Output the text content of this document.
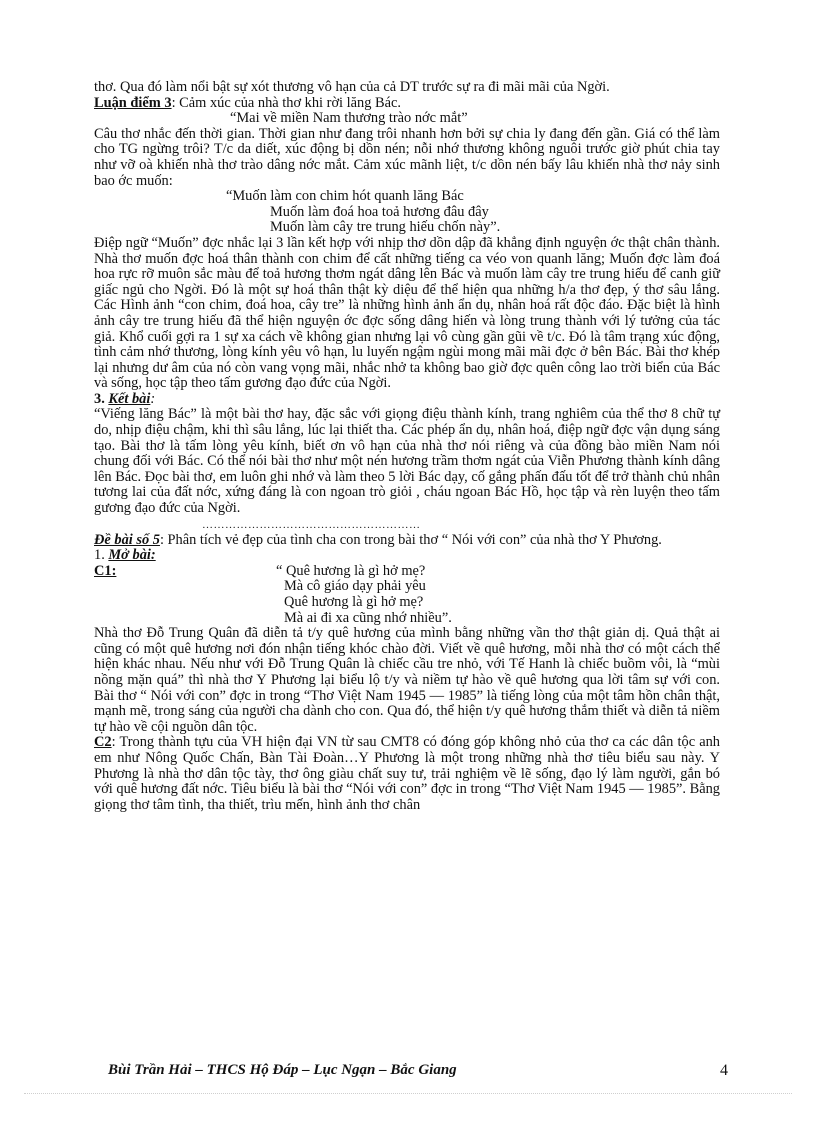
thơ. Qua đó làm nổi bật sự xót thương vô hạn của cả DT trước sự ra đi mãi mãi của Ngời.

Luận điểm 3: Cảm xúc của nhà thơ khi rời lăng Bác.

“Mai về miền Nam thương trào nớc mắt”

Câu thơ nhắc đến thời gian. Thời gian như đang trôi nhanh hơn bởi sự chia ly đang đến gần. Giá có thể làm cho TG ngừng trôi? T/c da diết, xúc động bị dồn nén; nỗi nhớ thương không nguôi trước giờ phút chia tay như vỡ oà khiến nhà thơ trào dâng nớc mắt. Cảm xúc mãnh liệt, t/c dồn nén bấy lâu khiến nhà thơ nảy sinh bao ớc muốn:

“Muốn làm con chim hót quanh lăng Bác

Muốn làm đoá hoa toả hương đâu đây

Muốn làm cây tre trung hiếu chốn này”.

Điệp ngữ “Muốn” đợc nhắc lại 3 lần kết hợp với nhịp thơ dồn dập đã khẳng định nguyện ớc thật chân thành. Nhà thơ muốn đợc hoá thân thành con chim để cất những tiếng ca véo von quanh lăng; Muốn đợc làm đoá hoa rực rỡ muôn sắc màu để toả hương thơm ngát dâng lên Bác và muốn làm cây tre trung hiếu để canh giữ giấc ngủ cho Ngời. Đó là một sự hoá thân thật kỳ diệu để thể hiện qua những h/a thơ đẹp, ý thơ sâu lắng. Các Hình ảnh “con chim, đoá hoa, cây tre” là những hình ảnh ẩn dụ, nhân hoá rất độc đáo. Đặc biệt là hình ảnh cây tre trung hiếu đã thể hiện nguyện ớc đợc sống dâng hiến và lòng trung thành với lý tưởng của tác giả. Khổ cuối gợi ra 1 sự xa cách về không gian nhưng lại vô cùng gần gũi về t/c. Đó là tâm trạng xúc động, tình cảm nhớ thương, lòng kính yêu vô hạn, lu luyến ngậm ngùi mong mãi mãi đợc ở bên Bác. Bài thơ khép lại nhưng dư âm của nó còn vang vọng mãi, nhắc nhở ta không bao giờ đợc quên công lao trời biển của Bác và sống, học tập theo tấm gương đạo đức của Ngời.

3. Kết bài:

“Viếng lăng Bác” là một bài thơ hay, đặc sắc với giọng điệu thành kính, trang nghiêm của thể thơ 8 chữ tự do, nhịp điệu chậm, khi thì sâu lắng, lúc lại thiết tha. Các phép ẩn dụ, nhân hoá, điệp ngữ đợc vận dụng sáng tạo. Bài thơ là tấm lòng yêu kính, biết ơn vô hạn của nhà thơ nói riêng và của đồng bào miền Nam nói chung đối với Bác. Có thể nói bài thơ như một nén hương trầm thơm ngát của Viễn Phương thành kính dâng lên Bác. Đọc bài thơ, em luôn ghi nhớ và làm theo 5 lời Bác dạy, cố gắng phấn đấu tốt để trở thành chủ nhân tương lai của đất nớc, xứng đáng là con ngoan trò giỏi , cháu ngoan Bác Hồ, học tập và rèn luyện theo tấm gương đạo đức của Ngời.

…………………………………………………

Đề bài số 5: Phân tích vẻ đẹp của tình cha con trong bài thơ “ Nói với con” của nhà thơ Y Phương.

1. Mở bài:

C1:	“ Quê hương là gì hở mẹ?

Mà cô giáo dạy phải yêu

Quê hương là gì hở mẹ?

Mà ai đi xa cũng nhớ nhiều”.

Nhà thơ Đỗ Trung Quân đã diễn tả t/y quê hương của mình bằng những vần thơ thật giản dị. Quả thật ai cũng có một quê hương nơi đón nhận tiếng khóc chào đời. Viết về quê hương, mỗi nhà thơ có một cách thể hiện khác nhau. Nếu như với Đỗ Trung Quân là chiếc cầu tre nhỏ, với Tế Hanh là chiếc buồm vôi, là “mùi nồng mặn quá” thì nhà thơ Y Phương lại biểu lộ t/y và niềm tự hào về quê hương qua lời tâm sự với con. Bài thơ “ Nói với con” đợc in trong “Thơ Việt Nam 1945 — 1985” là tiếng lòng của một tâm hồn chân thật, mạnh mẽ, trong sáng của người cha dành cho con. Qua đó, thể hiện t/y quê hương thắm thiết và diễn tả niềm tự hào về cội nguồn dân tộc.

C2: Trong thành tựu của VH hiện đại VN từ sau CMT8 có đóng góp không nhỏ của thơ ca các dân tộc anh em như Nông Quốc Chấn, Bàn Tài Đoàn…Y Phương là một trong những nhà thơ tiêu biểu sau này. Y Phương là nhà thơ dân tộc tày, thơ ông giàu chất suy tư, trải nghiệm về lẽ sống, đạo lý làm người, gắn bó với quê hương đất nớc. Tiêu biểu là bài thơ “Nói với con” đợc in trong “Thơ Việt Nam 1945 — 1985”. Bằng giọng thơ tâm tình, tha thiết, trìu mến, hình ảnh thơ chân

Bùi Trần Hải – THCS Hộ Đáp – Lục Ngạn – Bắc Giang	4
